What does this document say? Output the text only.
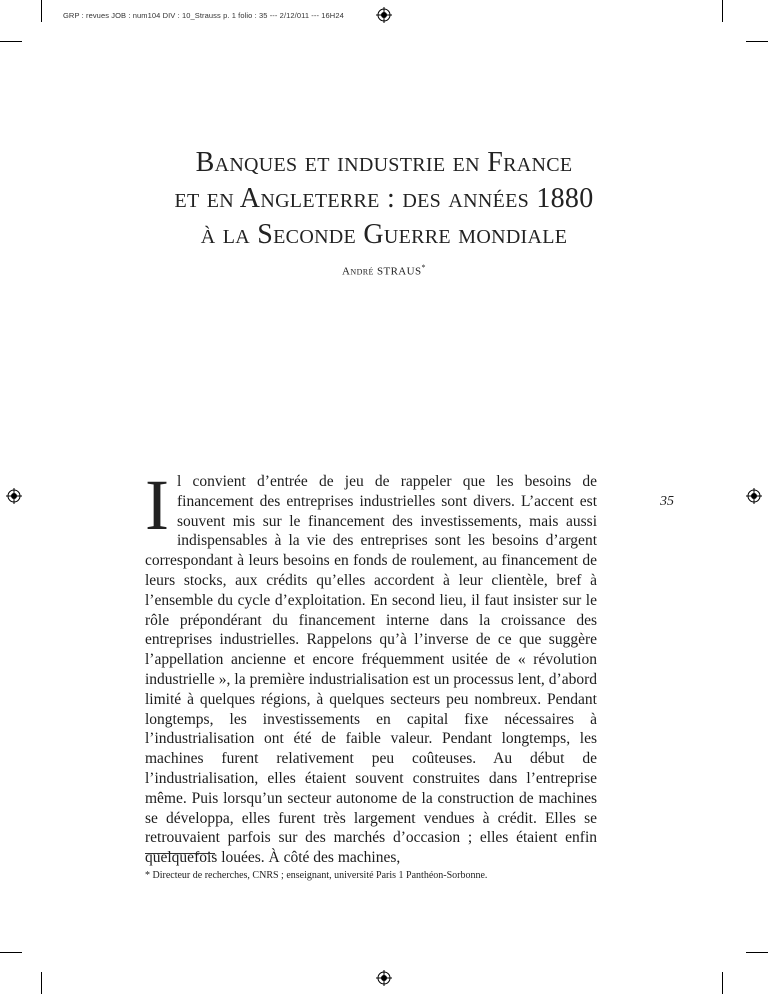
GRP : revues JOB : num104 DIV : 10_Strauss p. 1 folio : 35 --- 2/12/011 --- 16H24
Banques et industrie en France
et en Angleterre : des années 1880
à la Seconde Guerre mondiale
André STRAUS*
35
I l convient d’entrée de jeu de rappeler que les besoins de financement des entreprises industrielles sont divers. L’accent est souvent mis sur le financement des investissements, mais aussi indispensables à la vie des entreprises sont les besoins d’argent correspondant à leurs besoins en fonds de roulement, au financement de leurs stocks, aux crédits qu’elles accordent à leur clientèle, bref à l’ensemble du cycle d’exploitation. En second lieu, il faut insister sur le rôle prépondérant du financement interne dans la croissance des entreprises industrielles. Rappelons qu’à l’inverse de ce que suggère l’appellation ancienne et encore fréquemment usitée de « révolution industrielle », la première industrialisation est un processus lent, d’abord limité à quelques régions, à quelques secteurs peu nombreux. Pendant longtemps, les investissements en capital fixe nécessaires à l’industrialisation ont été de faible valeur. Pendant longtemps, les machines furent relativement peu coûteuses. Au début de l’industrialisation, elles étaient souvent construites dans l’entreprise même. Puis lorsqu’un secteur autonome de la construction de machines se développa, elles furent très largement vendues à crédit. Elles se retrouvaient parfois sur des marchés d’occasion ; elles étaient enfin quelquefois louées. À côté des machines,

* Directeur de recherches, CNRS ; enseignant, université Paris 1 Panthéon-Sorbonne.
